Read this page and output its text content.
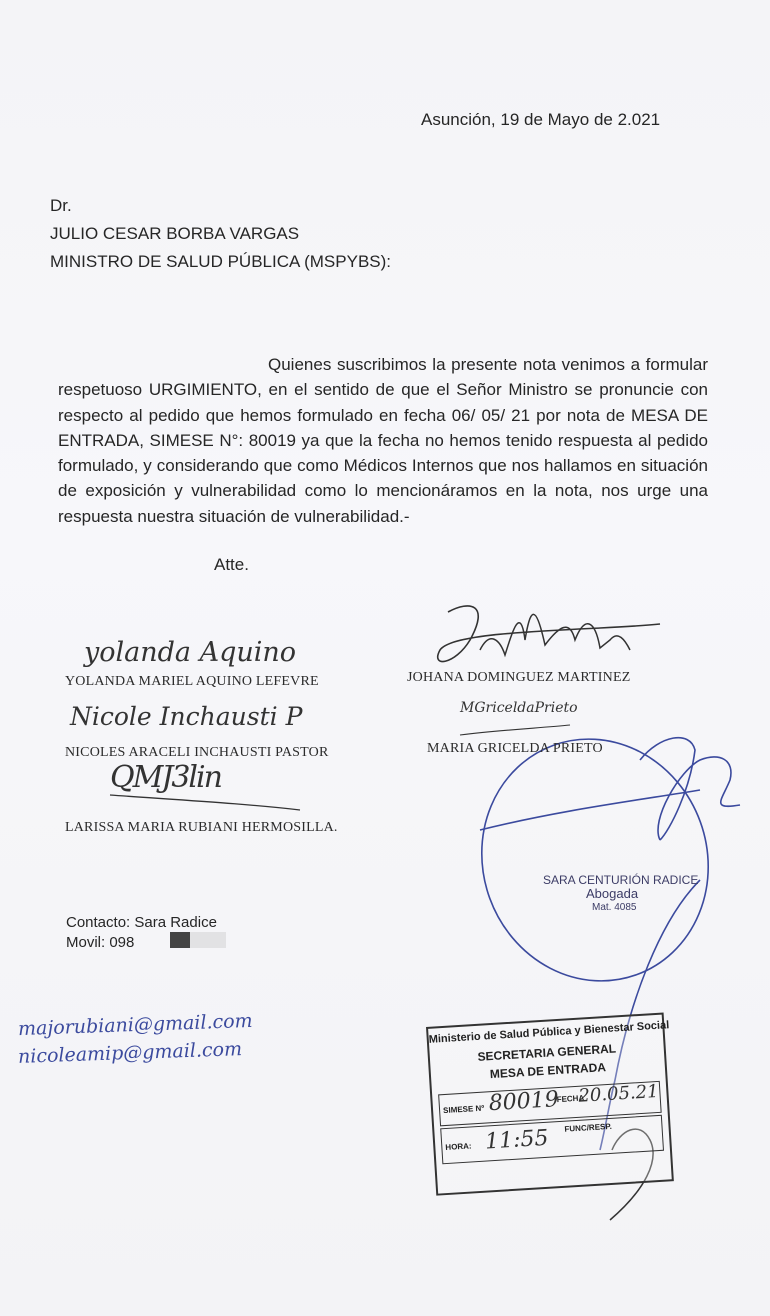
Asunción, 19 de Mayo de 2.021
Dr.
JULIO CESAR BORBA VARGAS
MINISTRO DE SALUD PÚBLICA (MSPYBS):

Quienes suscribimos la presente nota venimos a formular respetuoso URGIMIENTO, en el sentido de que el Señor Ministro se pronuncie con respecto al pedido que hemos formulado en fecha 06/ 05/ 21 por nota de MESA DE ENTRADA, SIMESE N°: 80019 ya que la fecha no hemos tenido respuesta al pedido formulado, y considerando que como Médicos Internos que nos hallamos en situación de exposición y vulnerabilidad como lo mencionáramos en la nota, nos urge una respuesta nuestra situación de vulnerabilidad.-

Atte.
yolanda Aquino
Nicole Inchausti P	MGriceldaPrieto
QMJ3lin
YOLANDA MARIEL AQUINO LEFEVRE	JOHANA DOMINGUEZ MARTINEZ
NICOLES ARACELI INCHAUSTI PASTOR	MARIA GRICELDA PRIETO
LARISSA MARIA RUBIANI HERMOSILLA.
SARA CENTURIÓN RADICE
Abogada
Mat. 4085
Contacto: Sara Radice
Movil: 098
majorubiani@gmail.com
nicoleamip@gmail.com
Ministerio de Salud Pública y Bienestar Social
SECRETARIA GENERAL
MESA DE ENTRADA
SIMESE Nº 80019
FECHA
20.05.21
HORA: 11:55 FUNC/RESP.
